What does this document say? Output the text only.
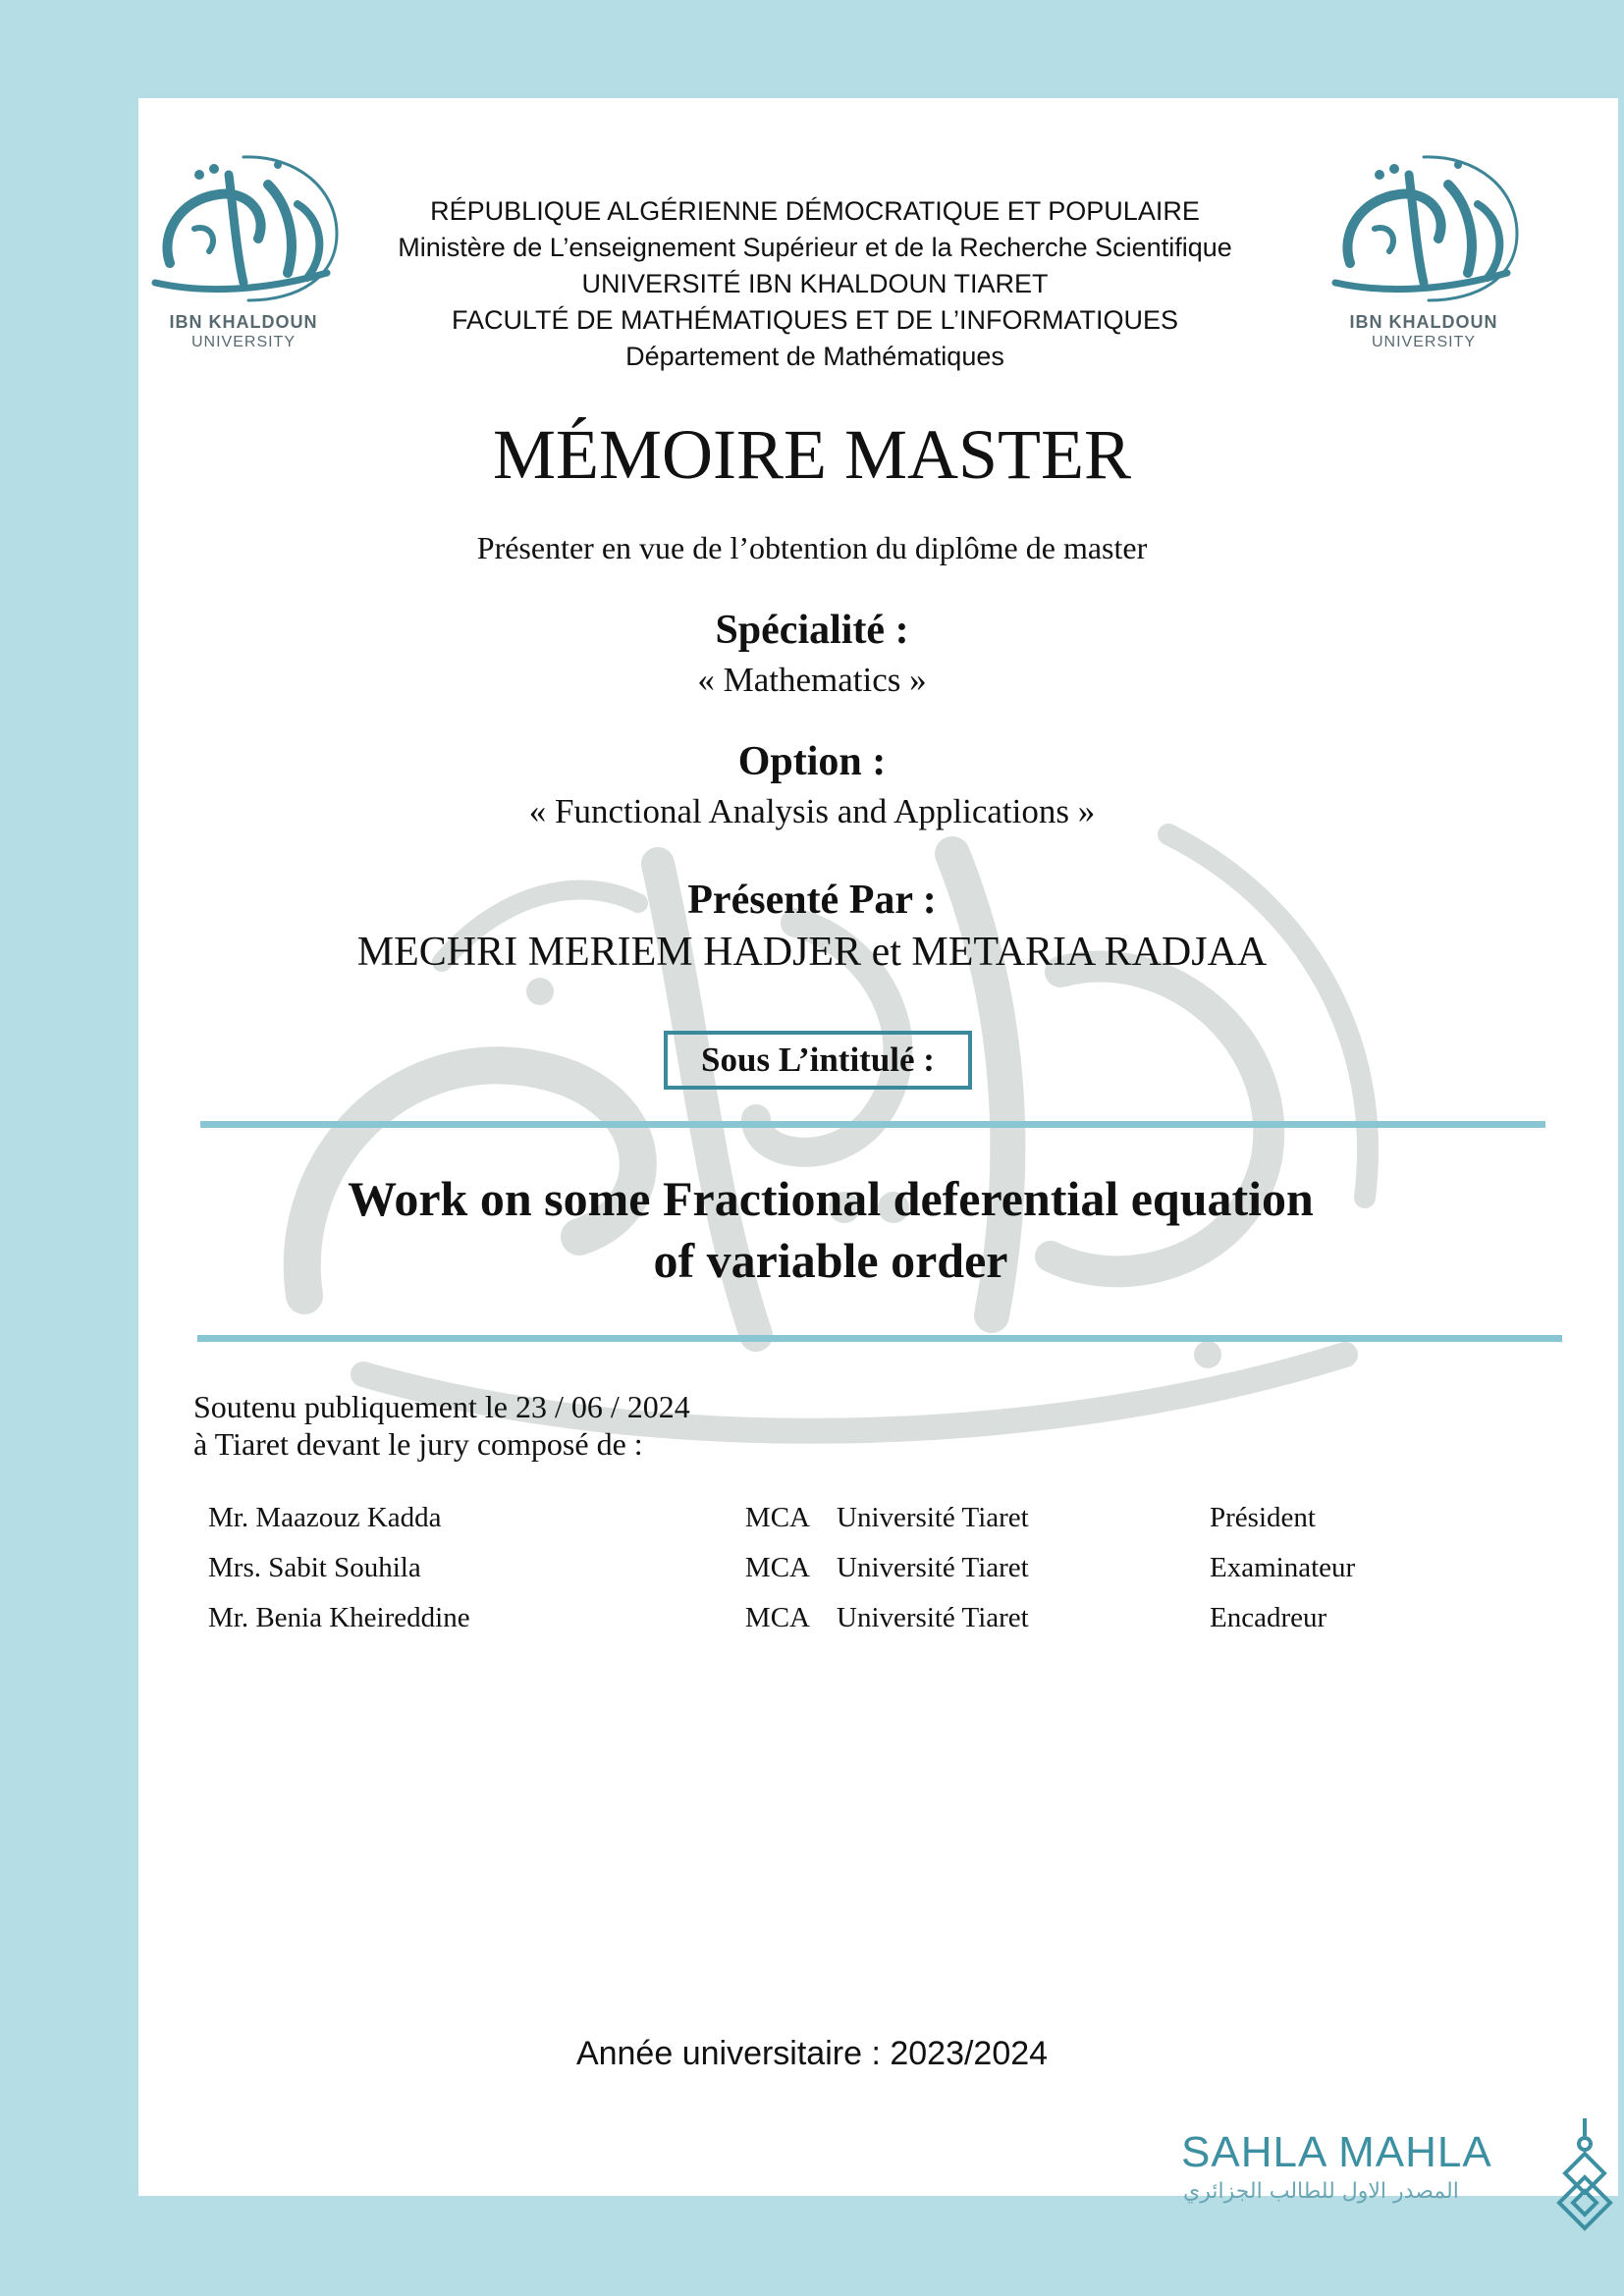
IBN KHALDOUN
UNIVERSITY
IBN KHALDOUN
UNIVERSITY
RÉPUBLIQUE ALGÉRIENNE DÉMOCRATIQUE ET POPULAIRE
Ministère de L’enseignement Supérieur et de la Recherche Scientifique
UNIVERSITÉ IBN KHALDOUN TIARET
FACULTÉ DE MATHÉMATIQUES ET DE L’INFORMATIQUES
Département de Mathématiques
MÉMOIRE MASTER
Présenter en vue de l’obtention du diplôme de master
Spécialité :
« Mathematics »
Option :
« Functional Analysis and Applications »
Présenté Par :
MECHRI MERIEM HADJER et METARIA RADJAA
Sous L’intitulé :
Work on some Fractional deferential equation
of variable order
Soutenu publiquement le 23 / 06 / 2024
à Tiaret devant le jury composé de :
Mr. Maazouz Kadda	MCA Université Tiaret	Président
Mrs. Sabit Souhila	MCA Université Tiaret	Examinateur
Mr. Benia Kheireddine	MCA Université Tiaret	Encadreur
Année universitaire : 2023/2024
SAHLA MAHLA
المصدر الاول للطالب الجزائري
